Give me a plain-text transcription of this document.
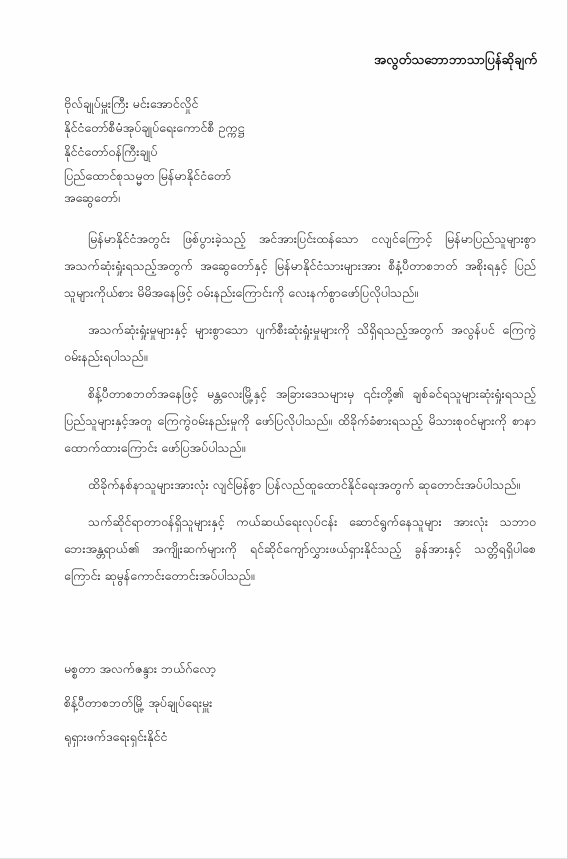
အလွတ်သဘောဘာသာပြန်ဆိုချက်
ဗိုလ်ချုပ်မှူးကြီး မင်းအောင်လှိုင်
နိုင်ငံတော်စီမံအုပ်ချုပ်ရေးကောင်စီ ဥက္ကဋ္ဌ
နိုင်ငံတော်ဝန်ကြီးချုပ်
ပြည်ထောင်စုသမ္မတ မြန်မာနိုင်ငံတော်
အဆွေတော်၊

မြန်မာနိုင်ငံအတွင်း ဖြစ်ပွားခဲ့သည့် အင်အားပြင်းထန်သော ငလျင်ကြောင့် မြန်မာပြည်သူများစွာ အသက်ဆုံးရှုံးရသည့်အတွက် အဆွေတော်နှင့် မြန်မာနိုင်ငံသားများအား စီနံ့ပီတာစဘတ် အစိုးရနှင့် ပြည်သူများကိုယ်စား မိမိအနေဖြင့် ဝမ်းနည်းကြောင်းကို လေးနက်စွာဖော်ပြလိုပါသည်။

အသက်ဆုံးရှုံးမှုများနှင့် များစွာသော ပျက်စီးဆုံးရှုံးမှုများကို သိရှိရသည့်အတွက် အလွန်ပင် ကြေကွဲဝမ်းနည်းရပါသည်။

စိန့်ပီတာစဘတ်အနေဖြင့် မန္တလေးမြို့နှင့် အခြားဒေသများမှ ၎င်းတို့၏ ချစ်ခင်ရသူများဆုံးရှုံးရသည့် ပြည်သူများနှင့်အတူ ကြေကွဲဝမ်းနည်းမှုကို ဖော်ပြလိုပါသည်။ ထိခိုက်ခံစားရသည့် မိသားစုဝင်များကို စာနာထောက်ထားကြောင်း ဖော်ပြအပ်ပါသည်။

ထိခိုက်နစ်နာသူများအားလုံး လျင်မြန်စွာ ပြန်လည်ထူထောင်နိုင်ရေးအတွက် ဆုတောင်းအပ်ပါသည်။

သက်ဆိုင်ရာတာဝန်ရှိသူများနှင့် ကယ်ဆယ်ရေးလုပ်ငန်း ဆောင်ရွက်နေသူများ အားလုံး သဘာဝဘေးအန္တရာယ်၏ အကျိုးဆက်များကို ရင်ဆိုင်ကျော်လွှားဖယ်ရှားနိုင်သည့် ခွန်အားနှင့် သတ္တိရရှိပါစေကြောင်း ဆုမွန်ကောင်းတောင်းအပ်ပါသည်။

မစ္စတာ အလက်ဇန္ဒား ဘယ်ဂ်လော့
စိန့်ပီတာစဘတ်မြို့ အုပ်ချုပ်ရေးမှူး
ရုရှားဖက်ဒရေးရှင်းနိုင်ငံ
